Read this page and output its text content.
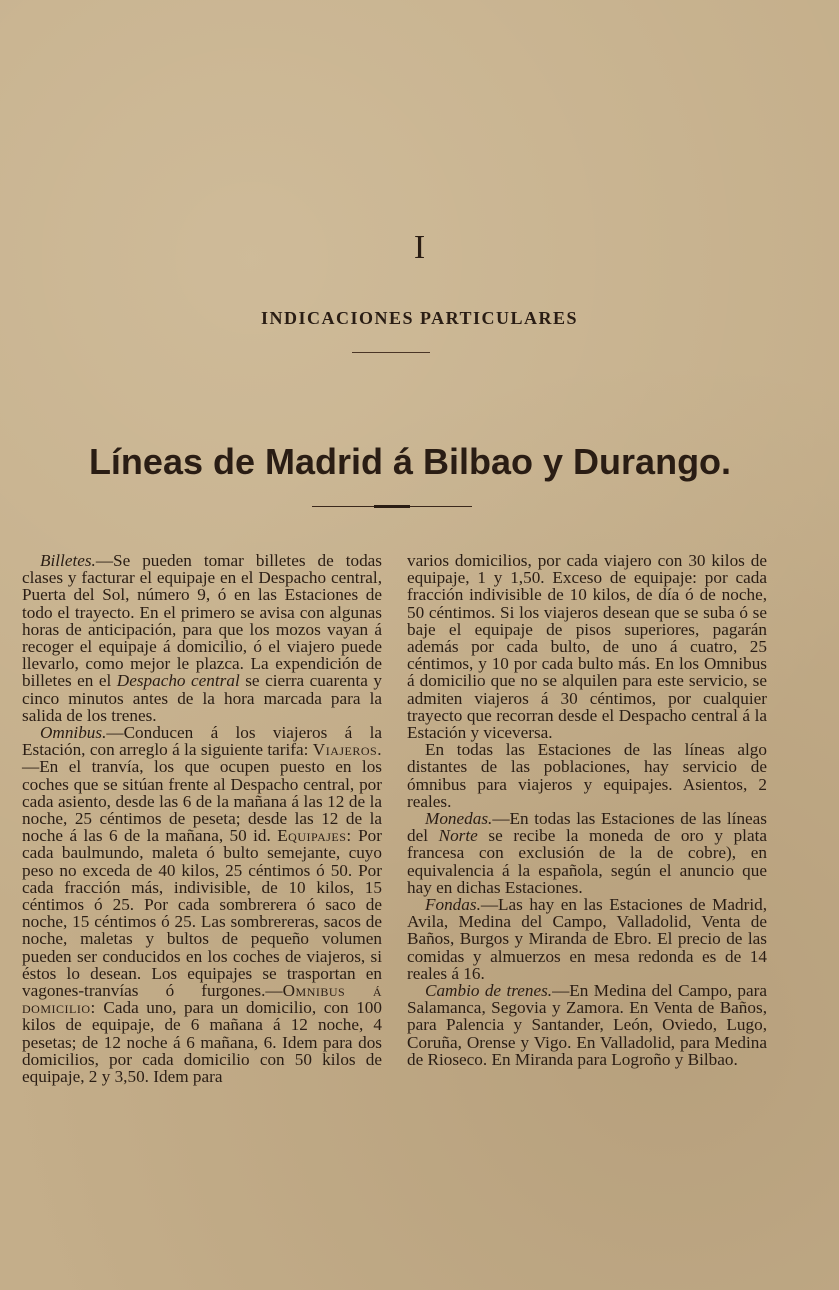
I
INDICACIONES PARTICULARES
Líneas de Madrid á Bilbao y Durango.

Billetes.—Se pueden tomar billetes de todas clases y facturar el equipaje en el Despacho central, Puerta del Sol, número 9, ó en las Estaciones de todo el trayecto. En el primero se avisa con algunas horas de anticipación, para que los mozos vayan á recoger el equipaje á domicilio, ó el viajero puede llevarlo, como mejor le plazca. La expendición de billetes en el Despacho central se cierra cuarenta y cinco minutos antes de la hora marcada para la salida de los trenes.

Omnibus.—Conducen á los viajeros á la Estación, con arreglo á la siguiente tarifa: Viajeros.—En el tranvía, los que ocupen puesto en los coches que se sitúan frente al Despacho central, por cada asiento, desde las 6 de la mañana á las 12 de la noche, 25 céntimos de peseta; desde las 12 de la noche á las 6 de la mañana, 50 id. Equipajes: Por cada baulmundo, maleta ó bulto semejante, cuyo peso no exceda de 40 kilos, 25 céntimos ó 50. Por cada fracción más, indivisible, de 10 kilos, 15 céntimos ó 25. Por cada sombrerera ó saco de noche, 15 céntimos ó 25. Las sombrereras, sacos de noche, maletas y bultos de pequeño volumen pueden ser conducidos en los coches de viajeros, si éstos lo desean. Los equipajes se trasportan en vagones-tranvías ó furgones.—Omnibus á domicilio: Cada uno, para un domicilio, con 100 kilos de equipaje, de 6 mañana á 12 noche, 4 pesetas; de 12 noche á 6 mañana, 6. Idem para dos domicilios, por cada domicilio con 50 kilos de equipaje, 2 y 3,50. Idem para

varios domicilios, por cada viajero con 30 kilos de equipaje, 1 y 1,50. Exceso de equipaje: por cada fracción indivisible de 10 kilos, de día ó de noche, 50 céntimos. Si los viajeros desean que se suba ó se baje el equipaje de pisos superiores, pagarán además por cada bulto, de uno á cuatro, 25 céntimos, y 10 por cada bulto más. En los Omnibus á domicilio que no se alquilen para este servicio, se admiten viajeros á 30 céntimos, por cualquier trayecto que recorran desde el Despacho central á la Estación y viceversa.

En todas las Estaciones de las líneas algo distantes de las poblaciones, hay servicio de ómnibus para viajeros y equipajes. Asientos, 2 reales.

Monedas.—En todas las Estaciones de las líneas del Norte se recibe la moneda de oro y plata francesa con exclusión de la de cobre), en equivalencia á la española, según el anuncio que hay en dichas Estaciones.

Fondas.—Las hay en las Estaciones de Madrid, Avila, Medina del Campo, Valladolid, Venta de Baños, Burgos y Miranda de Ebro. El precio de las comidas y almuerzos en mesa redonda es de 14 reales á 16.

Cambio de trenes.—En Medina del Campo, para Salamanca, Segovia y Zamora. En Venta de Baños, para Palencia y Santander, León, Oviedo, Lugo, Coruña, Orense y Vigo. En Valladolid, para Medina de Rioseco. En Miranda para Logroño y Bilbao.
